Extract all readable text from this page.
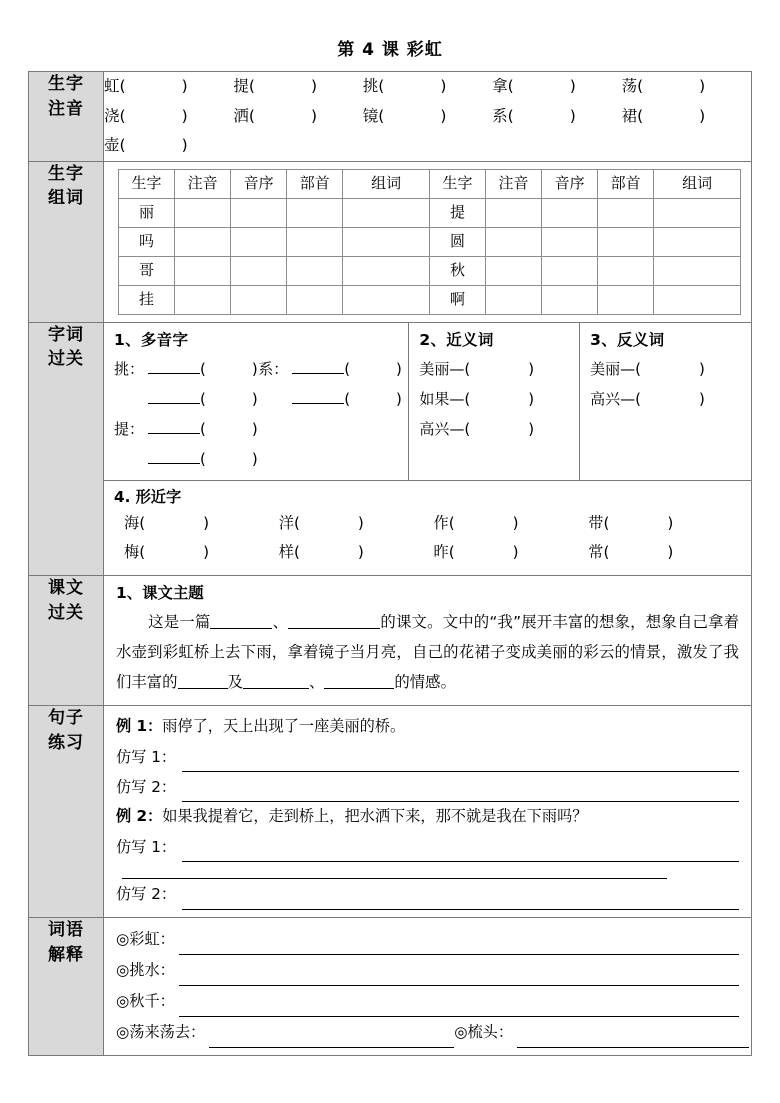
第 4 课 彩虹
生字
注音

虹(	)	提(	)	挑(	)	拿(	)	荡(	)
浇(	)	洒(	)	镜(	)	系(	)	裙(	)
壶(	)

生字
组词

生字	注音	音序	部首	组词	生字	注音	音序	部首	组词
丽					提				
吗					圆				
哥					秋				
挂					啊				

字词
过关

1、多音字
挑：	(	) 系：	(	)
(	)	(	)
提：	(	)
(	)
2、近义词
美丽—(	)
如果—(	)
高兴—(	)
3、反义词
美丽—(	)
高兴—(	)
4. 形近字
海(	)	洋(	)	作(	)	带(	)
梅(	)	样(	)	昨(	)	常(	)

课文
过关

1、课文主题
这是一篇	、	的课文。文中的“我”展开丰富的想象，想象自己拿着水壶到彩虹桥上去下雨，拿着镜子当月亮，自己的花裙子变成美丽的彩云的情景，激发了我们丰富的	及	、	的情感。

句子
练习

例 1：雨停了，天上出现了一座美丽的桥。
仿写 1：
仿写 2：
例 2：如果我提着它，走到桥上，把水洒下来，那不就是我在下雨吗？
仿写 1：
仿写 2：

词语
解释

◎彩虹：
◎挑水：
◎秋千：
◎荡来荡去：	◎梳头：
